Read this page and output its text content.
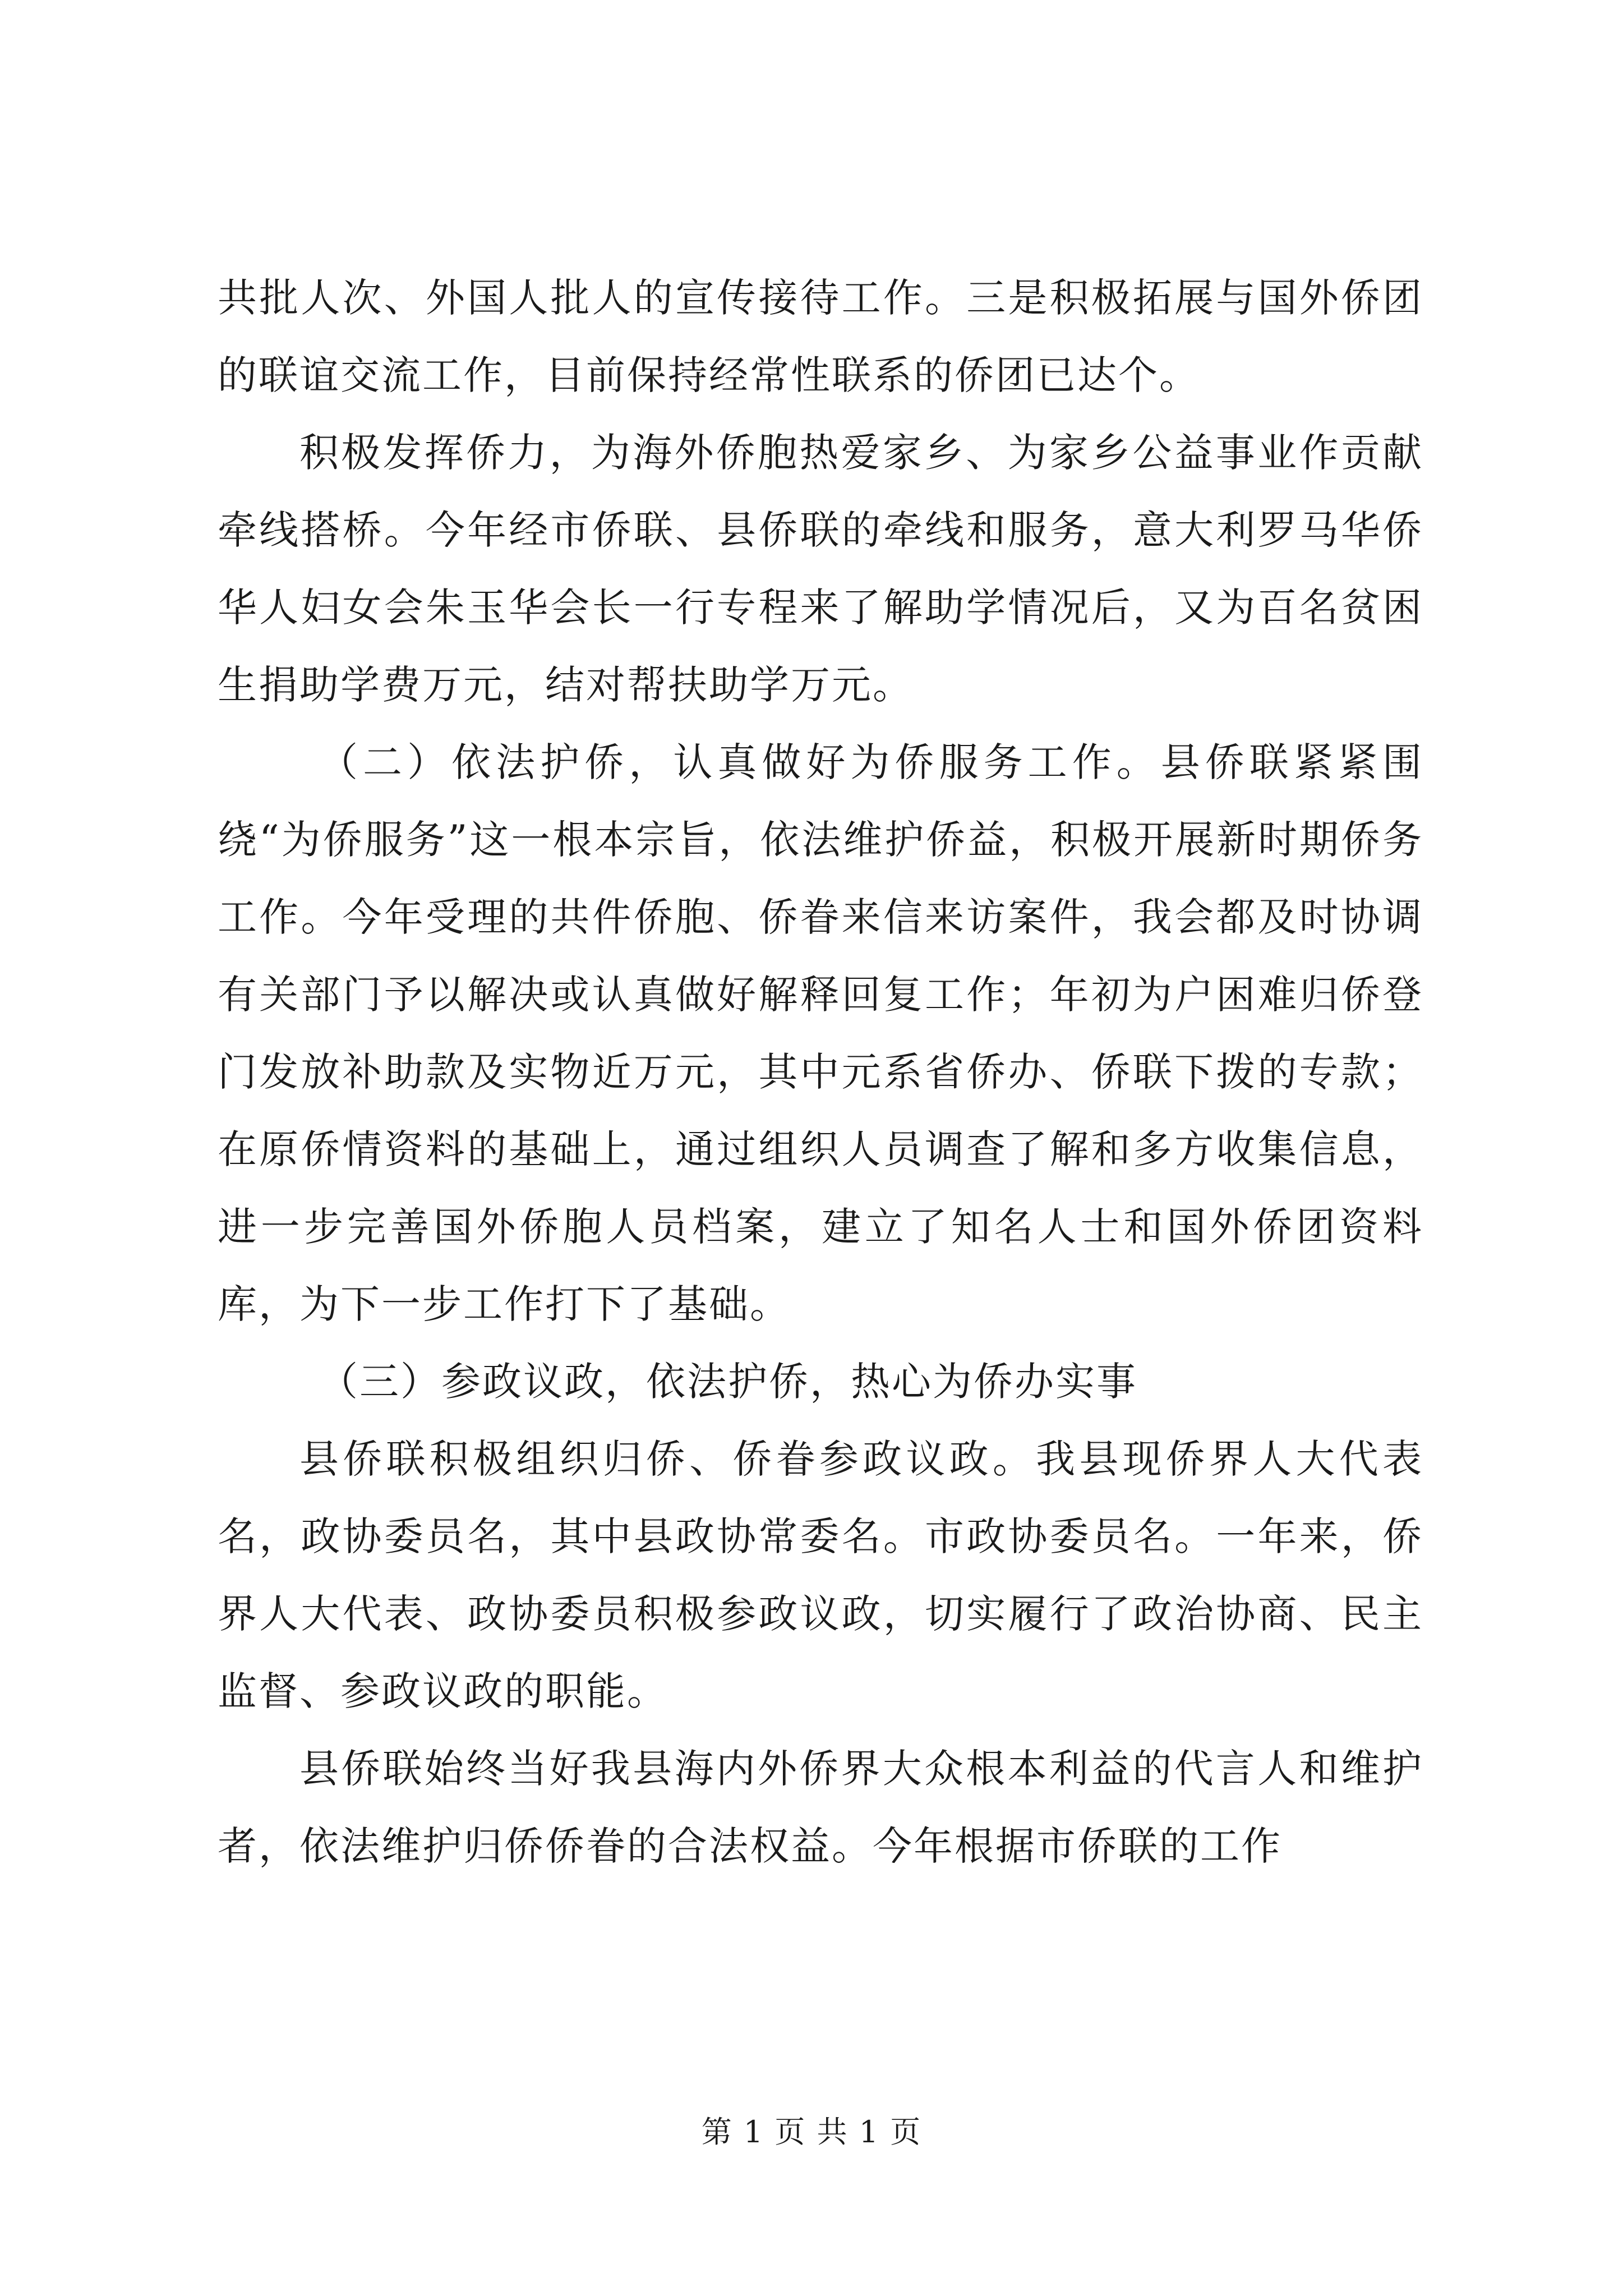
共批人次、外国人批人的宣传接待工作。三是积极拓展与国外侨团的联谊交流工作，目前保持经常性联系的侨团已达个。

积极发挥侨力，为海外侨胞热爱家乡、为家乡公益事业作贡献牵线搭桥。今年经市侨联、县侨联的牵线和服务，意大利罗马华侨华人妇女会朱玉华会长一行专程来了解助学情况后，又为百名贫困生捐助学费万元，结对帮扶助学万元。

（二）依法护侨，认真做好为侨服务工作。县侨联紧紧围绕“为侨服务”这一根本宗旨，依法维护侨益，积极开展新时期侨务工作。今年受理的共件侨胞、侨眷来信来访案件，我会都及时协调有关部门予以解决或认真做好解释回复工作；年初为户困难归侨登门发放补助款及实物近万元，其中元系省侨办、侨联下拨的专款；在原侨情资料的基础上，通过组织人员调查了解和多方收集信息，进一步完善国外侨胞人员档案，建立了知名人士和国外侨团资料库，为下一步工作打下了基础。

（三）参政议政，依法护侨，热心为侨办实事

县侨联积极组织归侨、侨眷参政议政。我县现侨界人大代表名，政协委员名，其中县政协常委名。市政协委员名。一年来，侨界人大代表、政协委员积极参政议政，切实履行了政治协商、民主监督、参政议政的职能。

县侨联始终当好我县海内外侨界大众根本利益的代言人和维护者，依法维护归侨侨眷的合法权益。今年根据市侨联的工作

第 1 页 共 1 页
